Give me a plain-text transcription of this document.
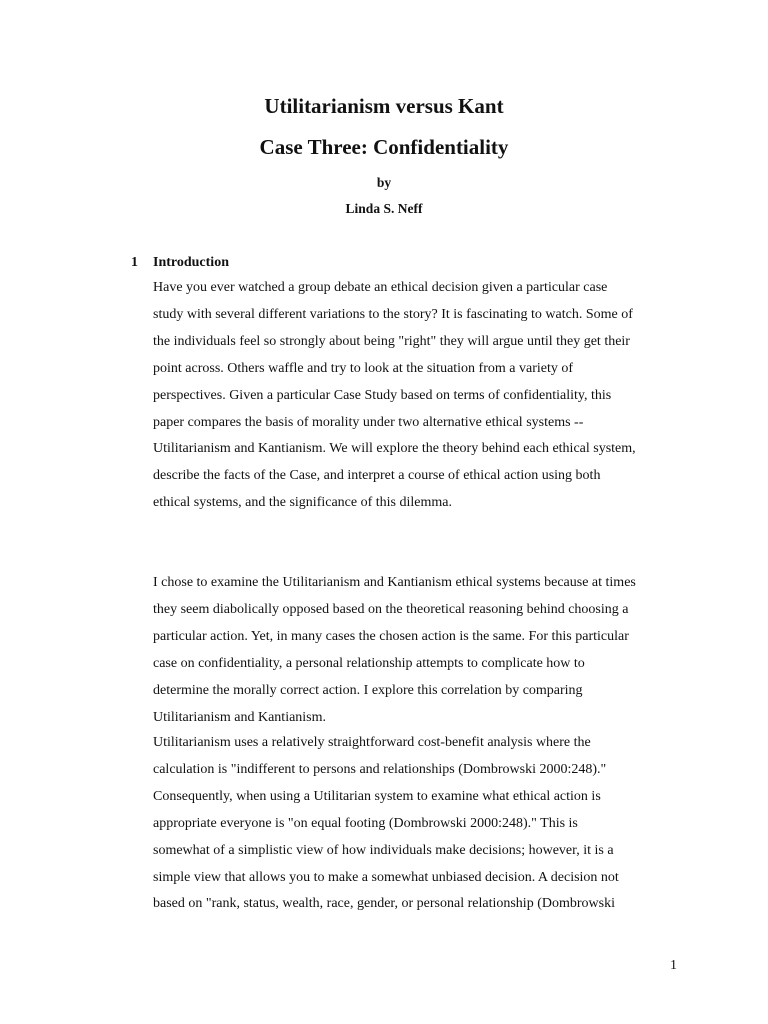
Utilitarianism versus Kant
Case Three: Confidentiality
by
Linda S. Neff
1 Introduction

Have you ever watched a group debate an ethical decision given a particular case
study with several different variations to the story? It is fascinating to watch. Some of
the individuals feel so strongly about being "right" they will argue until they get their
point across. Others waffle and try to look at the situation from a variety of
perspectives. Given a particular Case Study based on terms of confidentiality, this
paper compares the basis of morality under two alternative ethical systems --
Utilitarianism and Kantianism. We will explore the theory behind each ethical system,
describe the facts of the Case, and interpret a course of ethical action using both
ethical systems, and the significance of this dilemma.

I chose to examine the Utilitarianism and Kantianism ethical systems because at times
they seem diabolically opposed based on the theoretical reasoning behind choosing a
particular action. Yet, in many cases the chosen action is the same. For this particular
case on confidentiality, a personal relationship attempts to complicate how to
determine the morally correct action. I explore this correlation by comparing
Utilitarianism and Kantianism.

Utilitarianism uses a relatively straightforward cost-benefit analysis where the
calculation is "indifferent to persons and relationships (Dombrowski 2000:248)."
Consequently, when using a Utilitarian system to examine what ethical action is
appropriate everyone is "on equal footing (Dombrowski 2000:248)." This is
somewhat of a simplistic view of how individuals make decisions; however, it is a
simple view that allows you to make a somewhat unbiased decision. A decision not
based on "rank, status, wealth, race, gender, or personal relationship (Dombrowski

1
